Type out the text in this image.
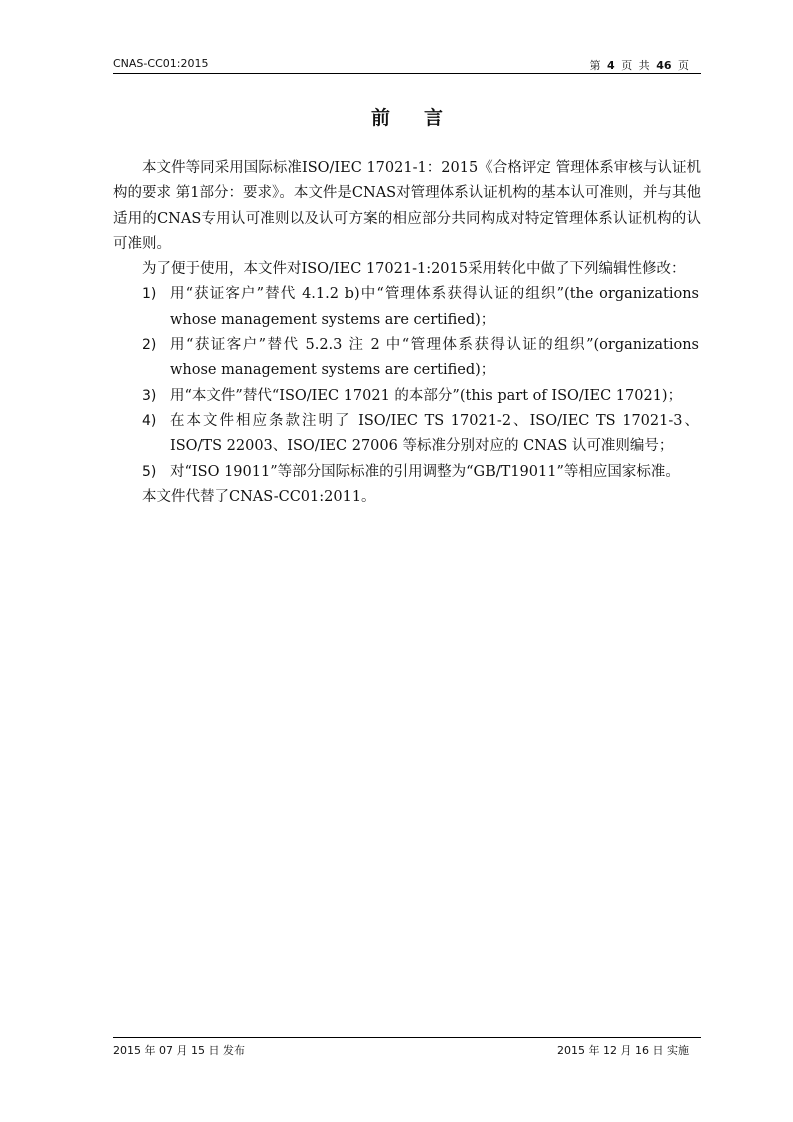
CNAS-CC01:2015	第 4 页 共 46 页
前言

本文件等同采用国际标准ISO/IEC 17021-1：2015《合格评定 管理体系审核与认证机构的要求 第1部分：要求》。本文件是CNAS对管理体系认证机构的基本认可准则，并与其他适用的CNAS专用认可准则以及认可方案的相应部分共同构成对特定管理体系认证机构的认可准则。

为了便于使用，本文件对ISO/IEC 17021-1:2015采用转化中做了下列编辑性修改：

1) 用“获证客户”替代 4.1.2 b)中“管理体系获得认证的组织”(the organizations whose management systems are certified)；
2) 用“获证客户”替代 5.2.3 注 2 中“管理体系获得认证的组织”(organizations whose management systems are certified)；
3) 用“本文件”替代“ISO/IEC 17021 的本部分”(this part of ISO/IEC 17021)；
4) 在本文件相应条款注明了 ISO/IEC TS 17021-2、ISO/IEC TS 17021-3、ISO/TS 22003、ISO/IEC 27006 等标准分别对应的 CNAS 认可准则编号；
5) 对“ISO 19011”等部分国际标准的引用调整为“GB/T19011”等相应国家标准。

本文件代替了CNAS-CC01:2011。

2015 年 07 月 15 日 发布	2015 年 12 月 16 日 实施
